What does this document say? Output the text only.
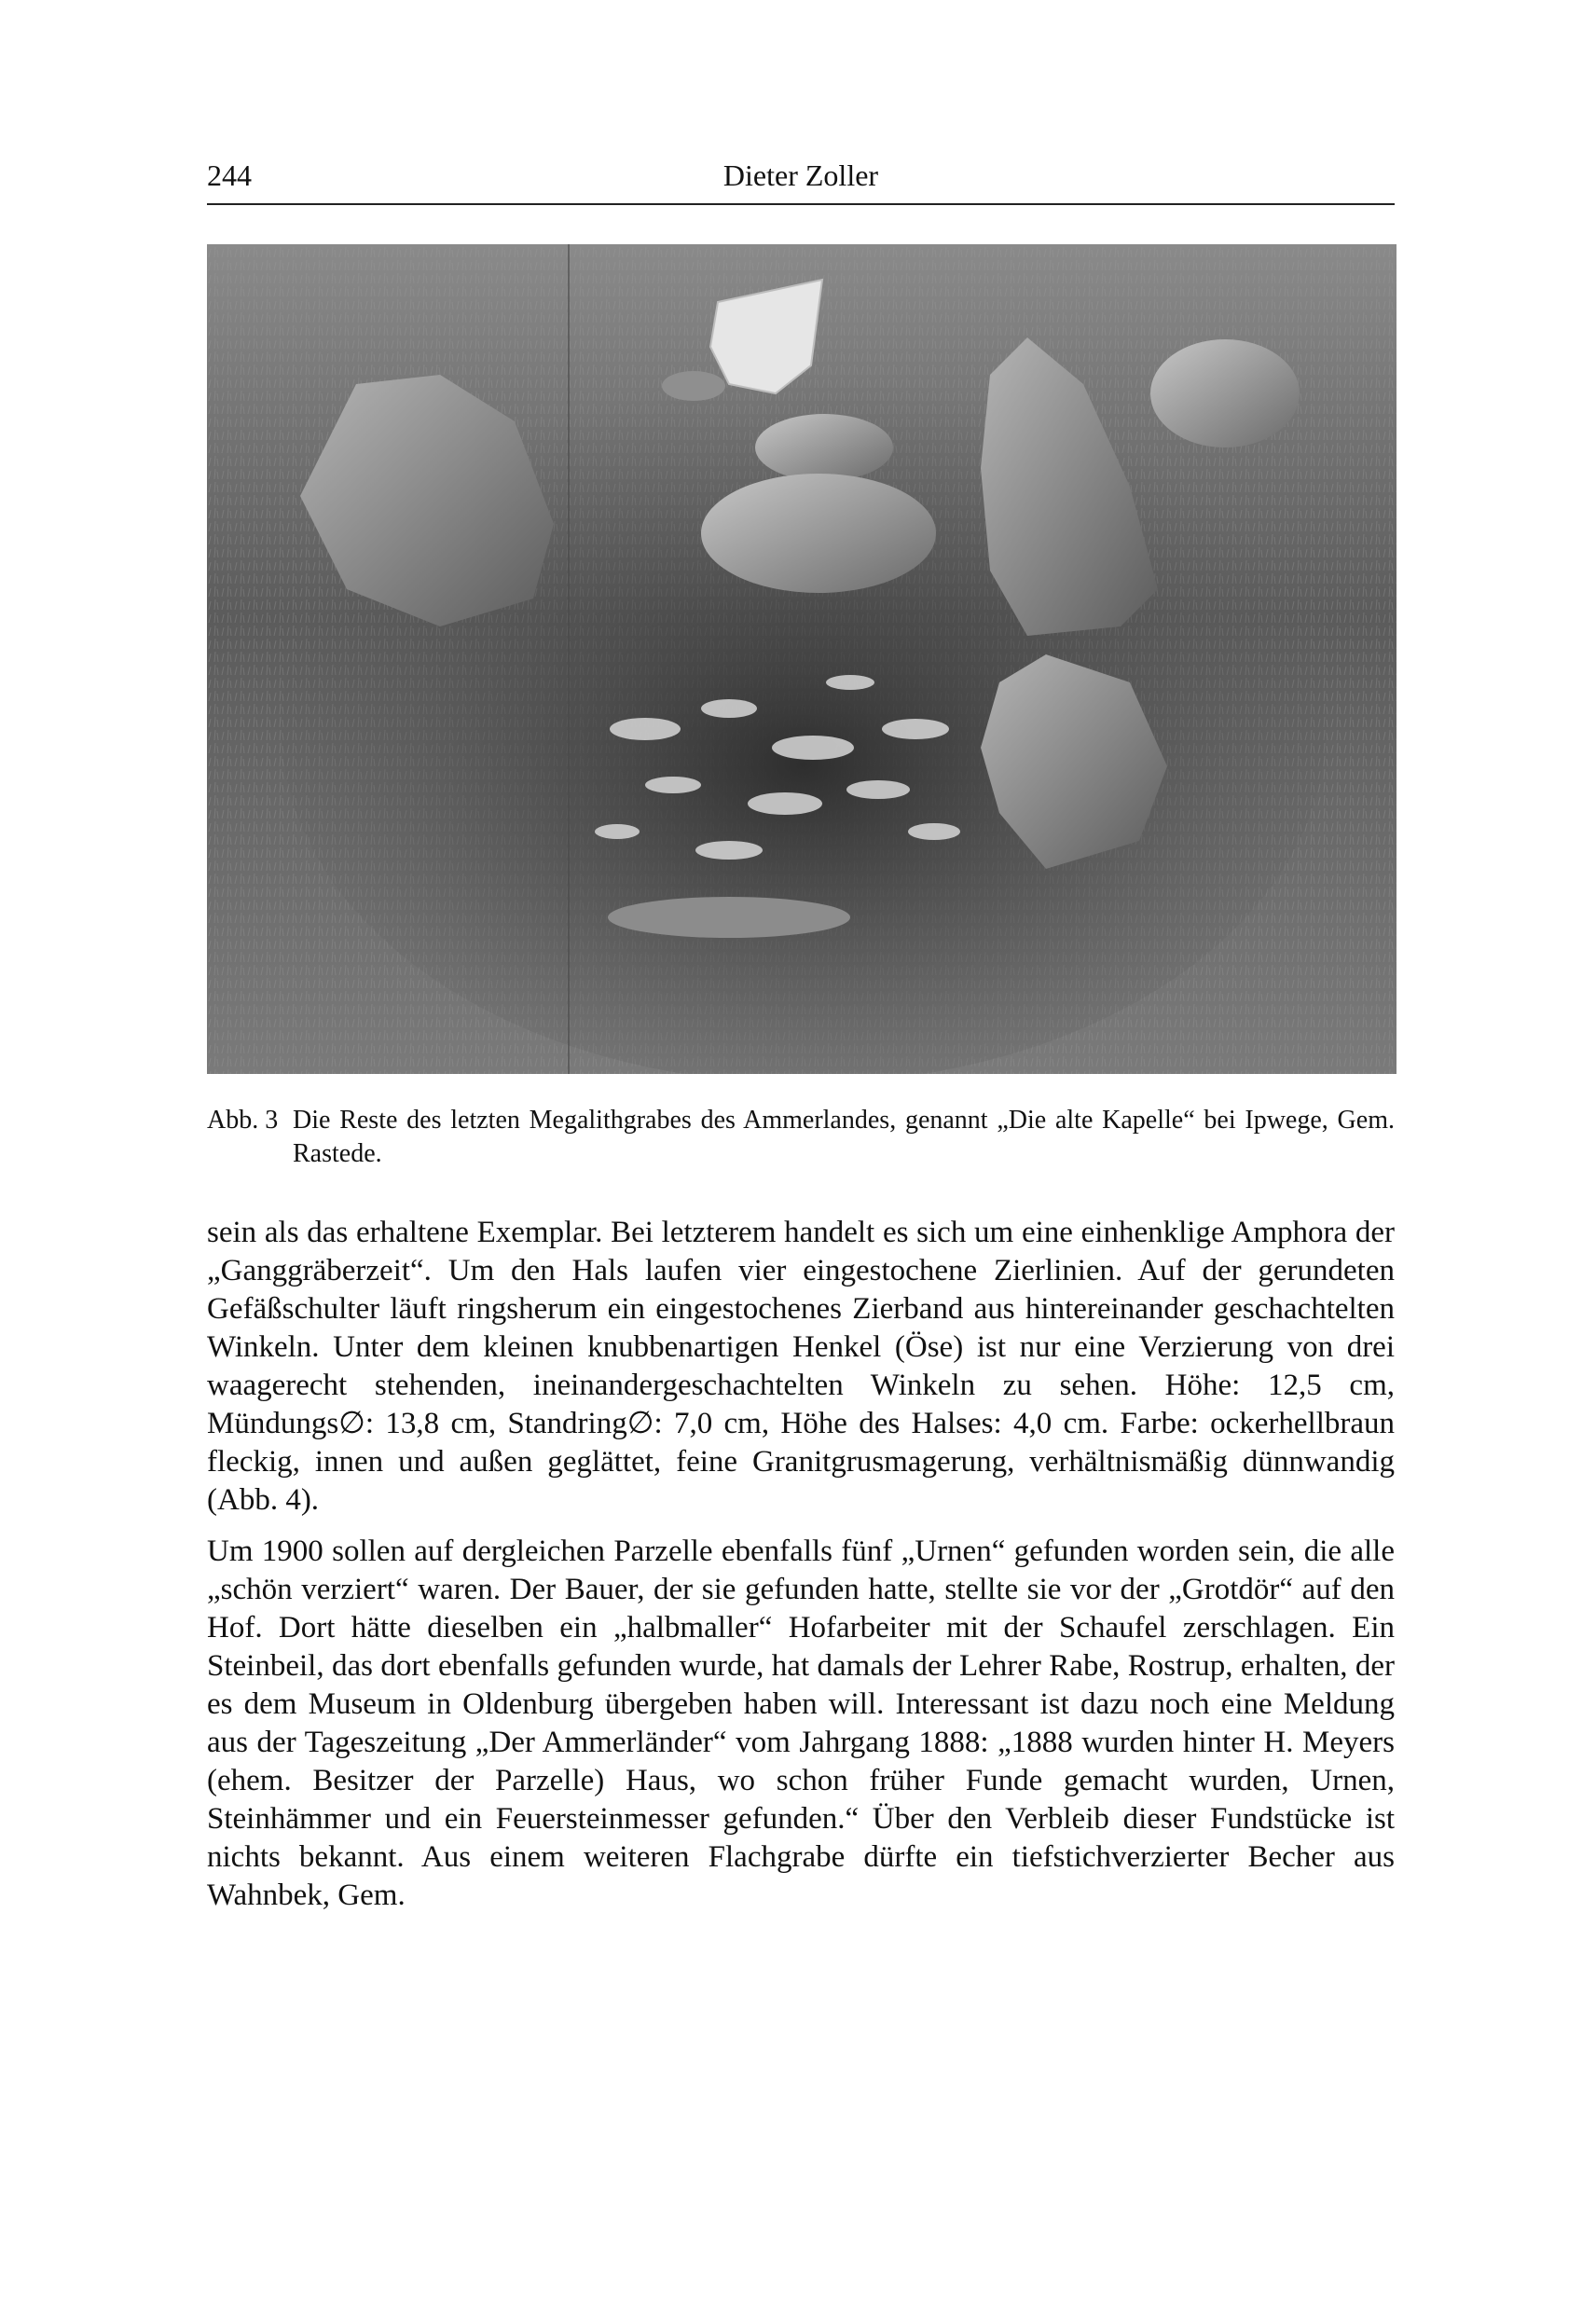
244	Dieter Zoller
Abb. 3 Die Reste des letzten Megalithgrabes des Ammerlandes, genannt „Die alte Kapelle“ bei Ipwege, Gem. Rastede.

sein als das erhaltene Exemplar. Bei letzterem handelt es sich um eine einhenklige Amphora der „Ganggräberzeit“. Um den Hals laufen vier eingestochene Zierlinien. Auf der gerundeten Gefäßschulter läuft ringsherum ein eingestochenes Zierband aus hintereinander geschachtelten Winkeln. Unter dem kleinen knubbenartigen Henkel (Öse) ist nur eine Verzierung von drei waagerecht stehenden, ineinandergeschachtelten Winkeln zu sehen. Höhe: 12,5 cm, Mündungs∅: 13,8 cm, Standring∅: 7,0 cm, Höhe des Halses: 4,0 cm. Farbe: ockerhellbraun fleckig, innen und außen geglättet, feine Granitgrusmagerung, verhältnismäßig dünnwandig (Abb. 4).

Um 1900 sollen auf dergleichen Parzelle ebenfalls fünf „Urnen“ gefunden worden sein, die alle „schön verziert“ waren. Der Bauer, der sie gefunden hatte, stellte sie vor der „Grotdör“ auf den Hof. Dort hätte dieselben ein „halbmaller“ Hofarbeiter mit der Schaufel zerschlagen. Ein Steinbeil, das dort ebenfalls gefunden wurde, hat damals der Lehrer Rabe, Rostrup, erhalten, der es dem Museum in Oldenburg übergeben haben will. Interessant ist dazu noch eine Meldung aus der Tageszeitung „Der Ammerländer“ vom Jahrgang 1888: „1888 wurden hinter H. Meyers (ehem. Besitzer der Parzelle) Haus, wo schon früher Funde gemacht wurden, Urnen, Steinhämmer und ein Feuersteinmesser gefunden.“ Über den Verbleib dieser Fundstücke ist nichts bekannt. Aus einem weiteren Flachgrabe dürfte ein tiefstichverzierter Becher aus Wahnbek, Gem.
